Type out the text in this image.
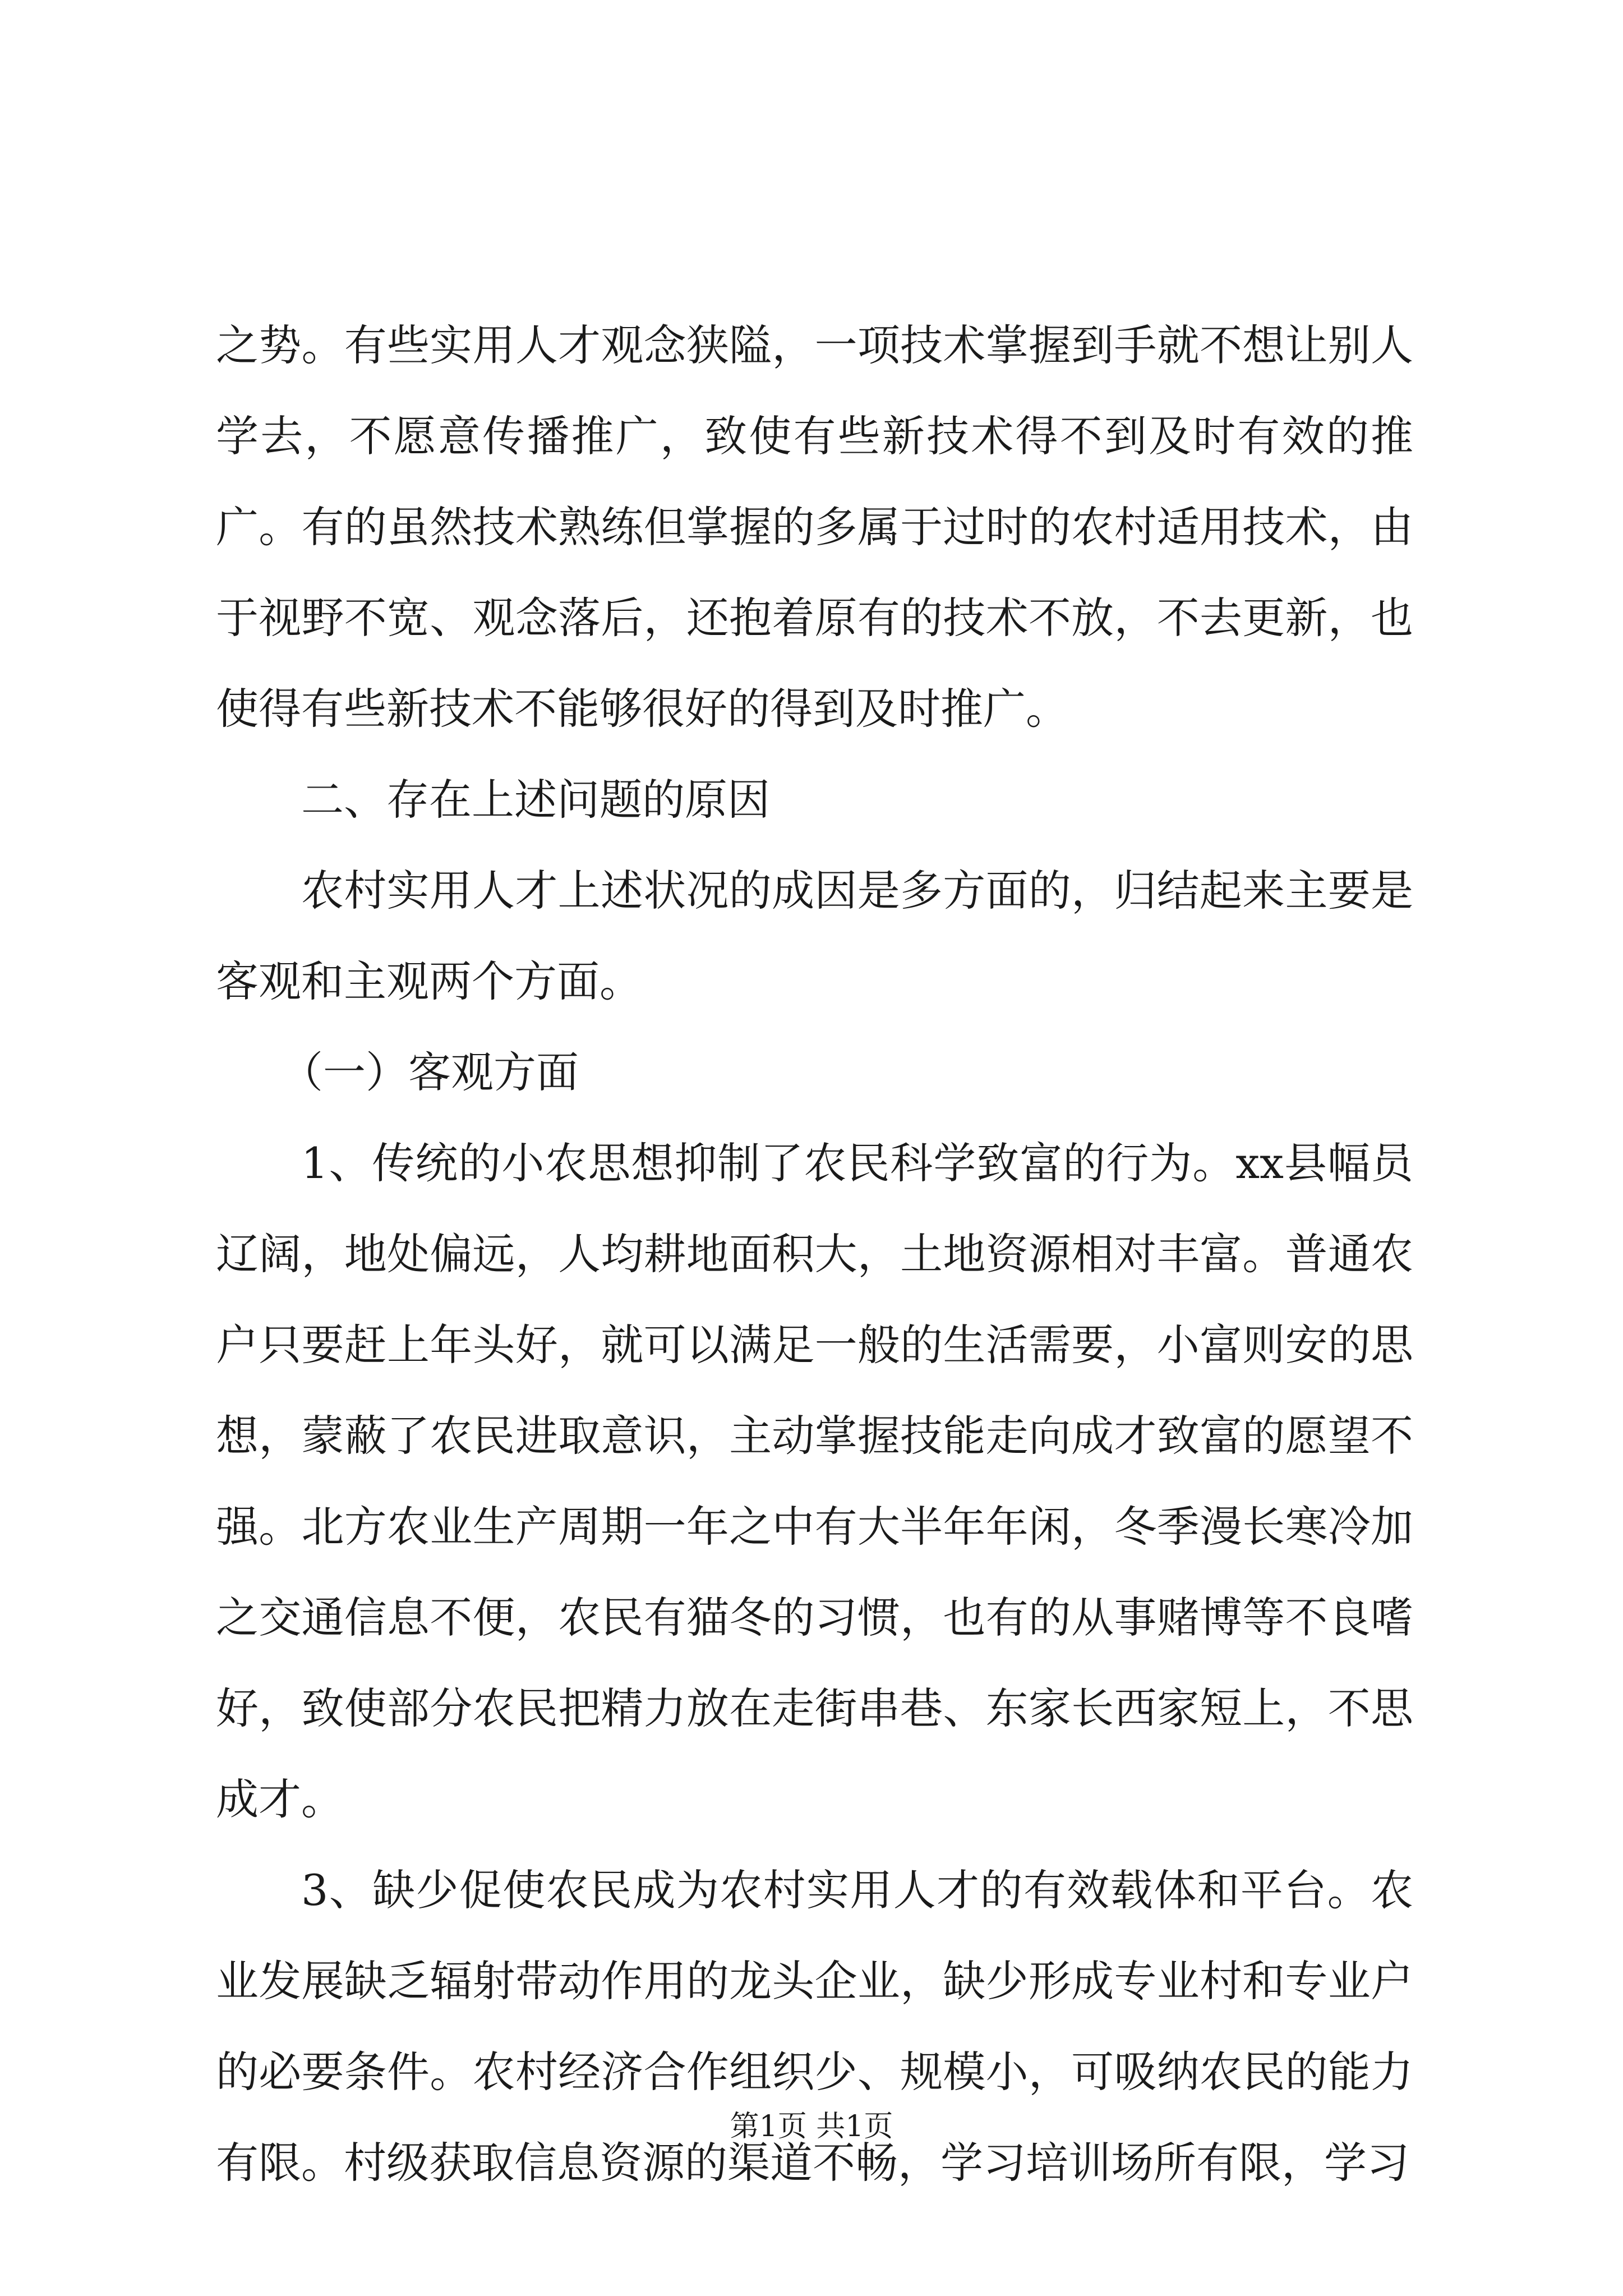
之势。有些实用人才观念狭隘，一项技术掌握到手就不想让别人学去，不愿意传播推广，致使有些新技术得不到及时有效的推广。有的虽然技术熟练但掌握的多属于过时的农村适用技术，由于视野不宽、观念落后，还抱着原有的技术不放，不去更新，也使得有些新技术不能够很好的得到及时推广。

二、存在上述问题的原因

农村实用人才上述状况的成因是多方面的，归结起来主要是客观和主观两个方面。

（一）客观方面

1、传统的小农思想抑制了农民科学致富的行为。xx县幅员辽阔，地处偏远，人均耕地面积大，土地资源相对丰富。普通农户只要赶上年头好，就可以满足一般的生活需要，小富则安的思想，蒙蔽了农民进取意识，主动掌握技能走向成才致富的愿望不强。北方农业生产周期一年之中有大半年年闲，冬季漫长寒冷加之交通信息不便，农民有猫冬的习惯，也有的从事赌博等不良嗜好，致使部分农民把精力放在走街串巷、东家长西家短上，不思成才。

3、缺少促使农民成为农村实用人才的有效载体和平台。农业发展缺乏辐射带动作用的龙头企业，缺少形成专业村和专业户的必要条件。农村经济合作组织少、规模小，可吸纳农民的能力有限。村级获取信息资源的渠道不畅，学习培训场所有限，学习

第1页 共1页
